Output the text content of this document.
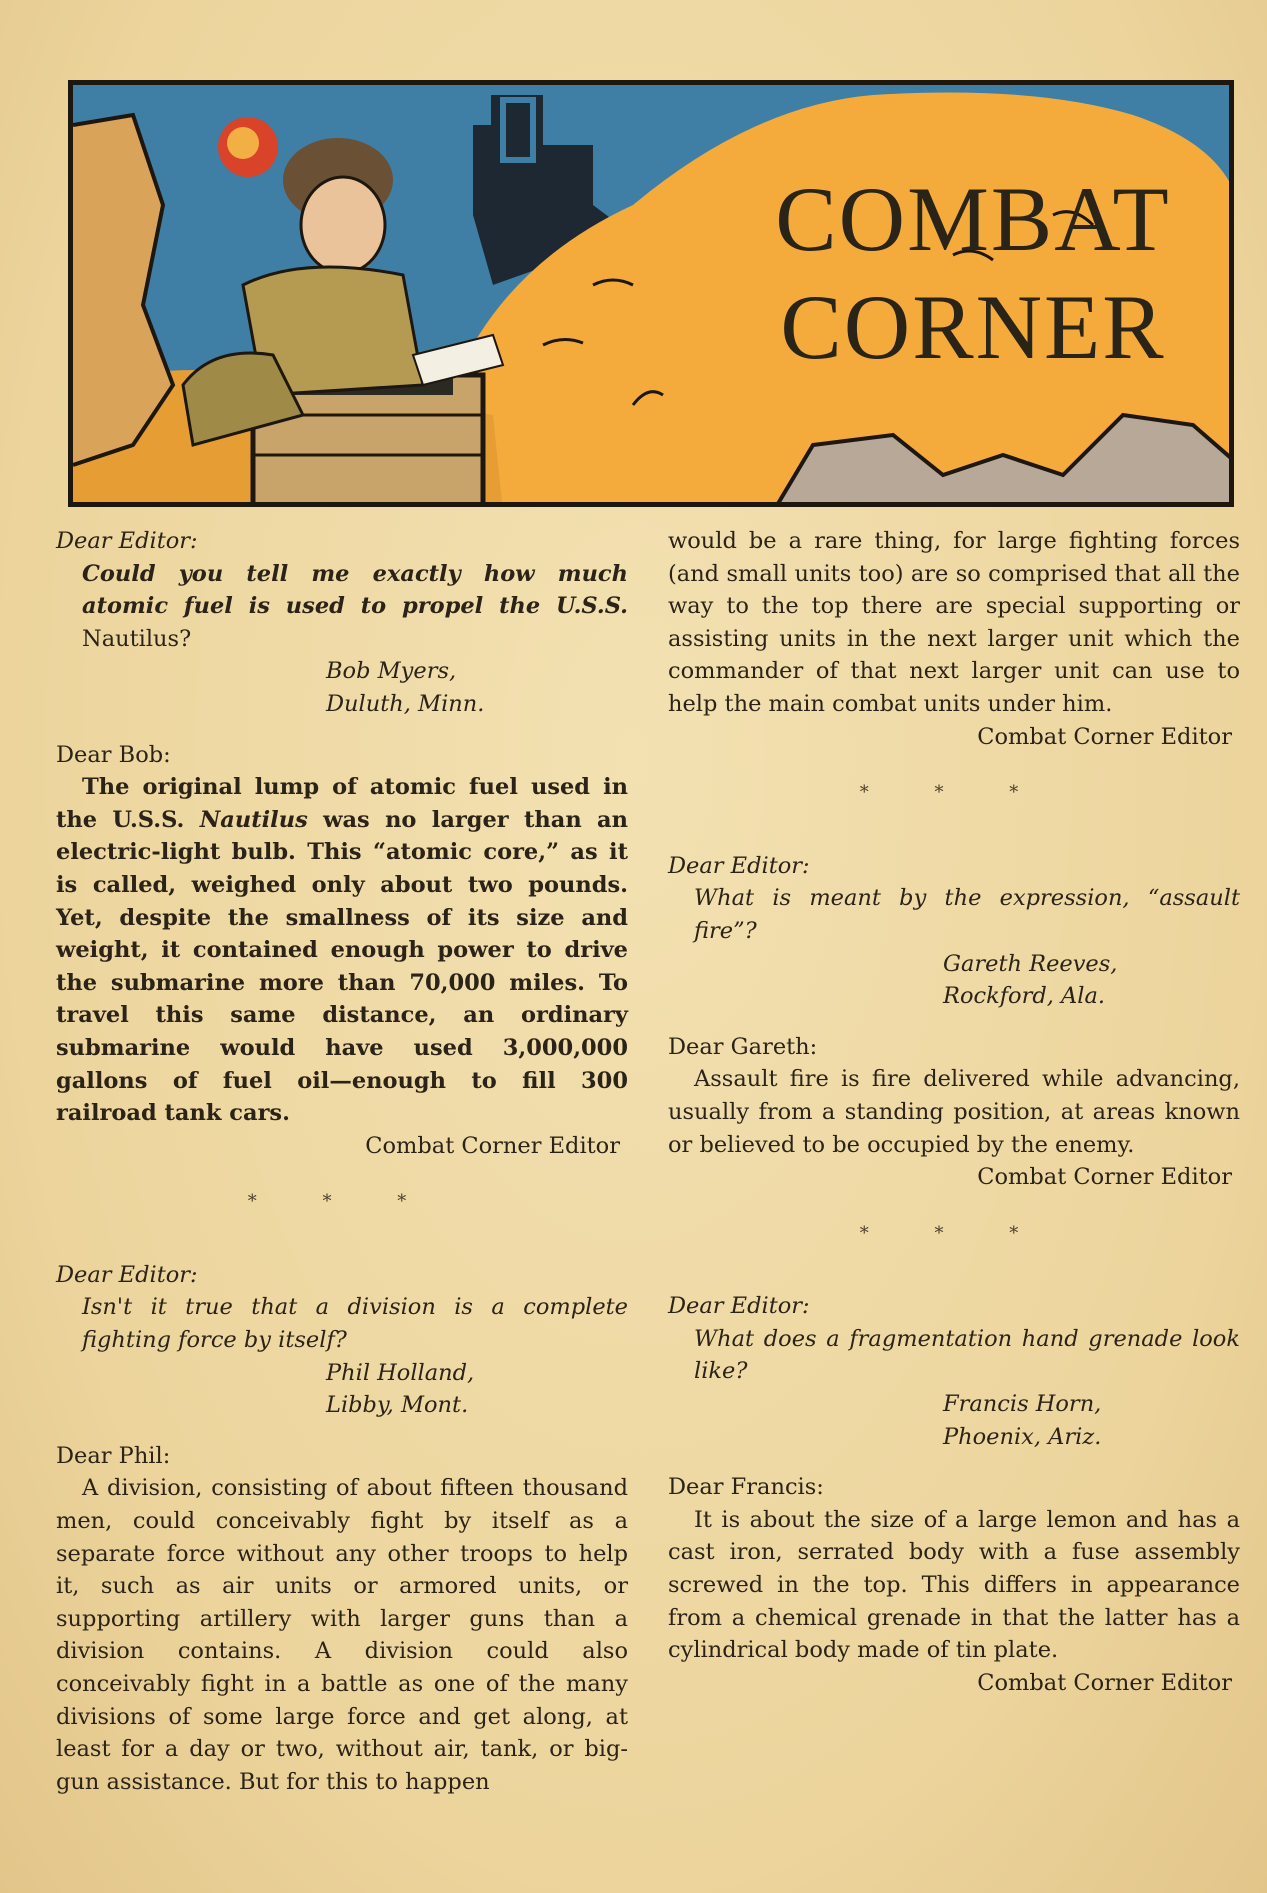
COMBAT
CORNER
Dear Editor:
Could you tell me exactly how much atomic fuel is used to propel the U.S.S. Nautilus?
Bob Myers,
Duluth, Minn.
Dear Bob:
The original lump of atomic fuel used in the U.S.S. Nautilus was no larger than an electric-light bulb. This “atomic core,” as it is called, weighed only about two pounds. Yet, despite the smallness of its size and weight, it contained enough power to drive the submarine more than 70,000 miles. To travel this same distance, an ordinary submarine would have used 3,000,000 gallons of fuel oil—enough to fill 300 railroad tank cars.
Combat Corner Editor
* * *
Dear Editor:
Isn't it true that a division is a complete fighting force by itself?
Phil Holland,
Libby, Mont.
Dear Phil:
A division, consisting of about fifteen thousand men, could conceivably fight by itself as a separate force without any other troops to help it, such as air units or armored units, or supporting artillery with larger guns than a division contains. A division could also conceivably fight in a battle as one of the many divisions of some large force and get along, at least for a day or two, without air, tank, or big-gun assistance. But for this to happen
would be a rare thing, for large fighting forces (and small units too) are so comprised that all the way to the top there are special supporting or assisting units in the next larger unit which the commander of that next larger unit can use to help the main combat units under him.
Combat Corner Editor
* * *
Dear Editor:
What is meant by the expression, “assault fire”?
Gareth Reeves,
Rockford, Ala.
Dear Gareth:
Assault fire is fire delivered while advancing, usually from a standing position, at areas known or believed to be occupied by the enemy.
Combat Corner Editor
* * *
Dear Editor:
What does a fragmentation hand grenade look like?
Francis Horn,
Phoenix, Ariz.
Dear Francis:
It is about the size of a large lemon and has a cast iron, serrated body with a fuse assembly screwed in the top. This differs in appearance from a chemical grenade in that the latter has a cylindrical body made of tin plate.
Combat Corner Editor
